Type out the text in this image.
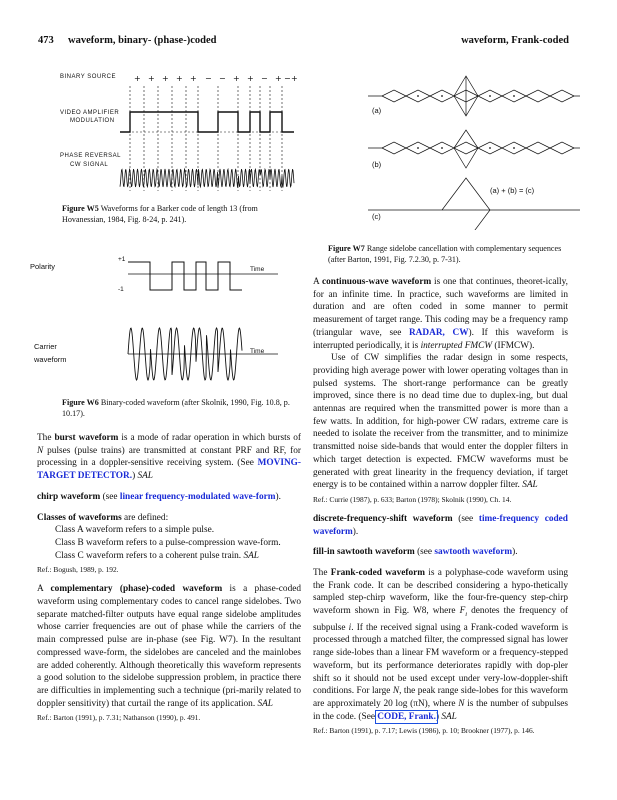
473 waveform, binary- (phase-)coded	waveform, Frank-coded
BINARY SOURCE
VIDEO AMPLIFIER
MODULATION
PHASE REVERSAL
CW SIGNAL
+ + + + + − − + + − + − +
Figure W5 Waveforms for a Barker code of length 13 (from Hovanessian, 1984, Fig. 8-24, p. 241).
Polarity
+1
-1
Time
Carrier
waveform
Time
Figure W6 Binary-coded waveform (after Skolnik, 1990, Fig. 10.8, p. 10.17).
(a)
(b)
(a) + (b) = (c)
(c)
Figure W7 Range sidelobe cancellation with complementary sequences (after Barton, 1991, Fig. 7.2.30, p. 7-31).

The burst waveform is a mode of radar operation in which bursts of N pulses (pulse trains) are transmitted at constant PRF and RF, for processing in a doppler-sensitive receiving system. (See MOVING-TARGET DETECTOR.) SAL

chirp waveform (see linear frequency-modulated wave-form).

Classes of waveforms are defined:

Class A waveform refers to a simple pulse.

Class B waveform refers to a pulse-compression wave-form.

Class C waveform refers to a coherent pulse train. SAL

Ref.: Bogush, 1989, p. 192.

A complementary (phase)-coded waveform is a phase-coded waveform using complementary codes to cancel range sidelobes. Two separate matched-filter outputs have equal range sidelobe amplitudes whose carrier frequencies are out of phase while the carriers of the main compressed pulse are in-phase (see Fig. W7). In the resultant compressed wave-form, the sidelobes are canceled and the mainlobes are added coherently. Although theoretically this waveform represents a good solution to the sidelobe suppression problem, in practice there are difficulties in implementing such a technique (pri-marily related to doppler sensitivity) that curtail the range of its application. SAL

Ref.: Barton (1991), p. 7.31; Nathanson (1990), p. 491.

A continuous-wave waveform is one that continues, theoret-ically, for an infinite time. In practice, such waveforms are limited in duration and are often coded in some manner to permit measurement of target range. This coding may be a frequency ramp (triangular wave, see RADAR, CW). If this waveform is interrupted periodically, it is interrupted FMCW (IFMCW).

Use of CW simplifies the radar design in some respects, providing high average power with lower operating voltages than in pulsed systems. The short-range performance can be greatly improved, since there is no dead time due to duplex-ing, but dual antennas are required when the transmitted power is more than a few watts. In addition, for high-power CW radars, extreme care is needed to isolate the receiver from the transmitter, and to minimize transmitted noise side-bands that would enter the doppler filters in which target detection is expected. FMCW waveforms must be generated with great linearity in the frequency deviation, if target energy is to be contained within a narrow doppler filter. SAL

Ref.: Currie (1987), p. 633; Barton (1978); Skolnik (1990), Ch. 14.

discrete-frequency-shift waveform (see time-frequency coded waveform).

fill-in sawtooth waveform (see sawtooth waveform).

The Frank-coded waveform is a polyphase-code waveform using the Frank code. It can be described considering a hypo-thetically sampled step-chirp waveform, like the four-fre-quency step-chirp waveform shown in Fig. W8, where $F_i$ denotes the frequency of subpulse i. If the received signal using a Frank-coded waveform is processed through a matched filter, the compressed signal has lower range side-lobes than a linear FM waveform or a frequency-stepped waveform, but its performance deteriorates rapidly with dop-pler shift so it should not be used except under very-low-doppler-shift conditions. For large N, the peak range side-lobes for this waveform are approximately 20 log (πN), where N is the number of subpulses in the code. (See CODE, Frank.) SAL

Ref.: Barton (1991), p. 7.17; Lewis (1986), p. 10; Brookner (1977), p. 146.
